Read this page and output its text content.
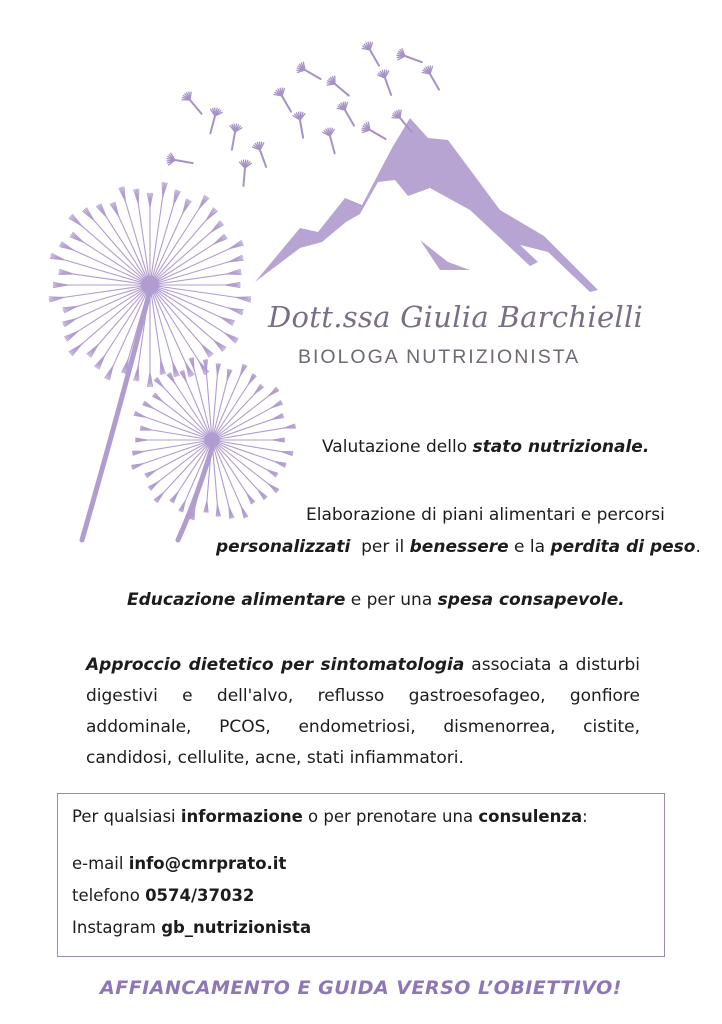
Dott.ssa Giulia Barchielli
BIOLOGA NUTRIZIONISTA
Valutazione dello stato nutrizionale.
Elaborazione di piani alimentari e percorsi
personalizzati  per il benessere e la perdita di peso.
Educazione alimentare e per una spesa consapevole.
Approccio dietetico per sintomatologia associata a disturbi digestivi e dell'alvo, reflusso gastroesofageo, gonfiore addominale, PCOS, endometriosi, dismenorrea, cistite, candidosi, cellulite, acne, stati infiammatori.
Per qualsiasi informazione o per prenotare una consulenza:
e-mail info@cmrprato.it
telefono 0574/37032
Instagram gb_nutrizionista
AFFIANCAMENTO E GUIDA VERSO L’OBIETTIVO!
